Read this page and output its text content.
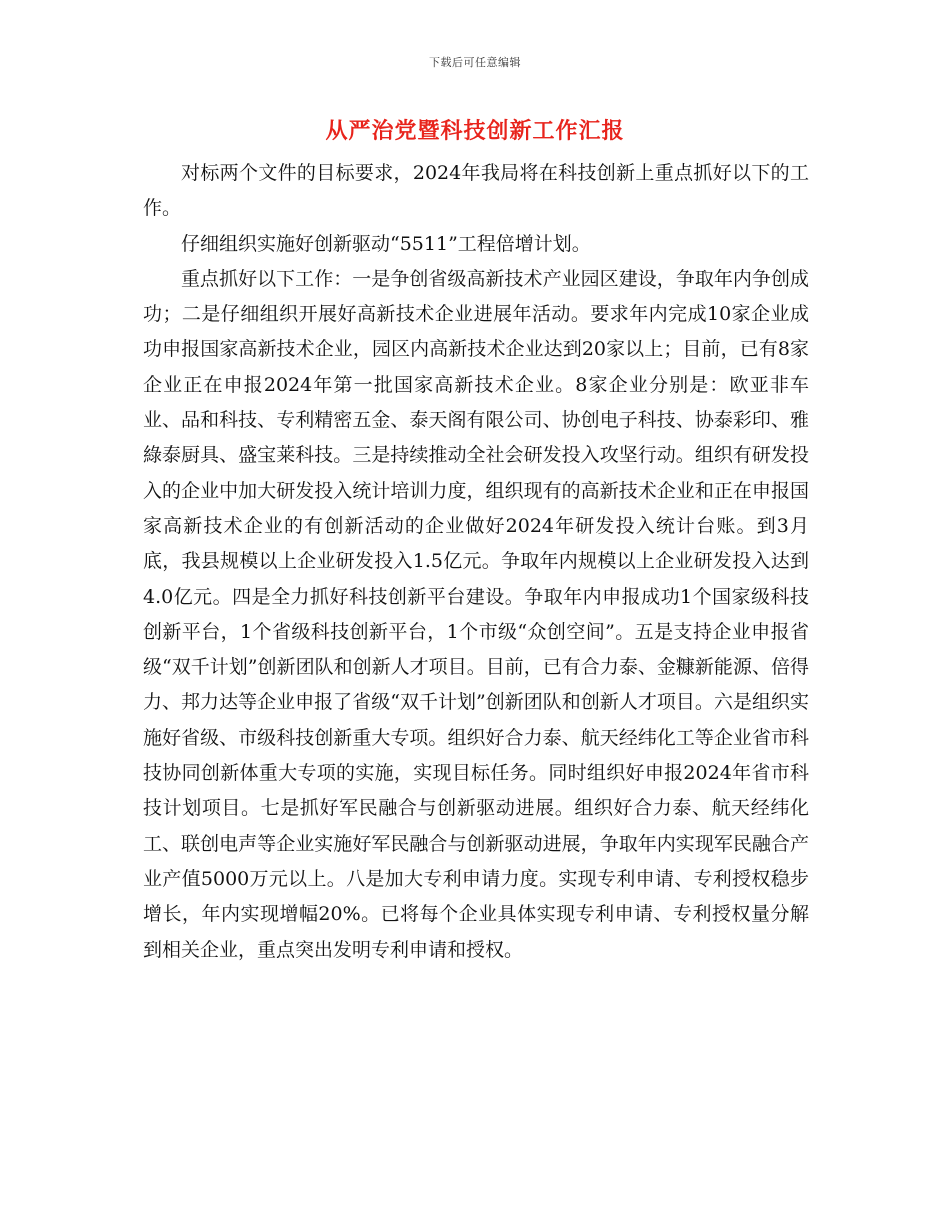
下载后可任意编辑
从严治党暨科技创新工作汇报

对标两个文件的目标要求，2024年我局将在科技创新上重点抓好以下的工作。

仔细组织实施好创新驱动“5511”工程倍增计划。

重点抓好以下工作：一是争创省级高新技术产业园区建设，争取年内争创成功；二是仔细组织开展好高新技术企业进展年活动。要求年内完成10家企业成功申报国家高新技术企业，园区内高新技术企业达到20家以上；目前，已有8家企业正在申报2024年第一批国家高新技术企业。8家企业分别是：欧亚非车业、品和科技、专利精密五金、泰天阁有限公司、协创电子科技、协泰彩印、雅綠泰厨具、盛宝莱科技。三是持续推动全社会研发投入攻坚行动。组织有研发投入的企业中加大研发投入统计培训力度，组织现有的高新技术企业和正在申报国家高新技术企业的有创新活动的企业做好2024年研发投入统计台账。到3月底，我县规模以上企业研发投入1.5亿元。争取年内规模以上企业研发投入达到4.0亿元。四是全力抓好科技创新平台建设。争取年内申报成功1个国家级科技创新平台，1个省级科技创新平台，1个市级“众创空间”。五是支持企业申报省级“双千计划”创新团队和创新人才项目。目前，已有合力泰、金糠新能源、倍得力、邦力达等企业申报了省级“双千计划”创新团队和创新人才项目。六是组织实施好省级、市级科技创新重大专项。组织好合力泰、航天经纬化工等企业省市科技协同创新体重大专项的实施，实现目标任务。同时组织好申报2024年省市科技计划项目。七是抓好军民融合与创新驱动进展。组织好合力泰、航天经纬化工、联创电声等企业实施好军民融合与创新驱动进展，争取年内实现军民融合产业产值5000万元以上。八是加大专利申请力度。实现专利申请、专利授权稳步增长，年内实现增幅20%。已将每个企业具体实现专利申请、专利授权量分解到相关企业，重点突出发明专利申请和授权。
